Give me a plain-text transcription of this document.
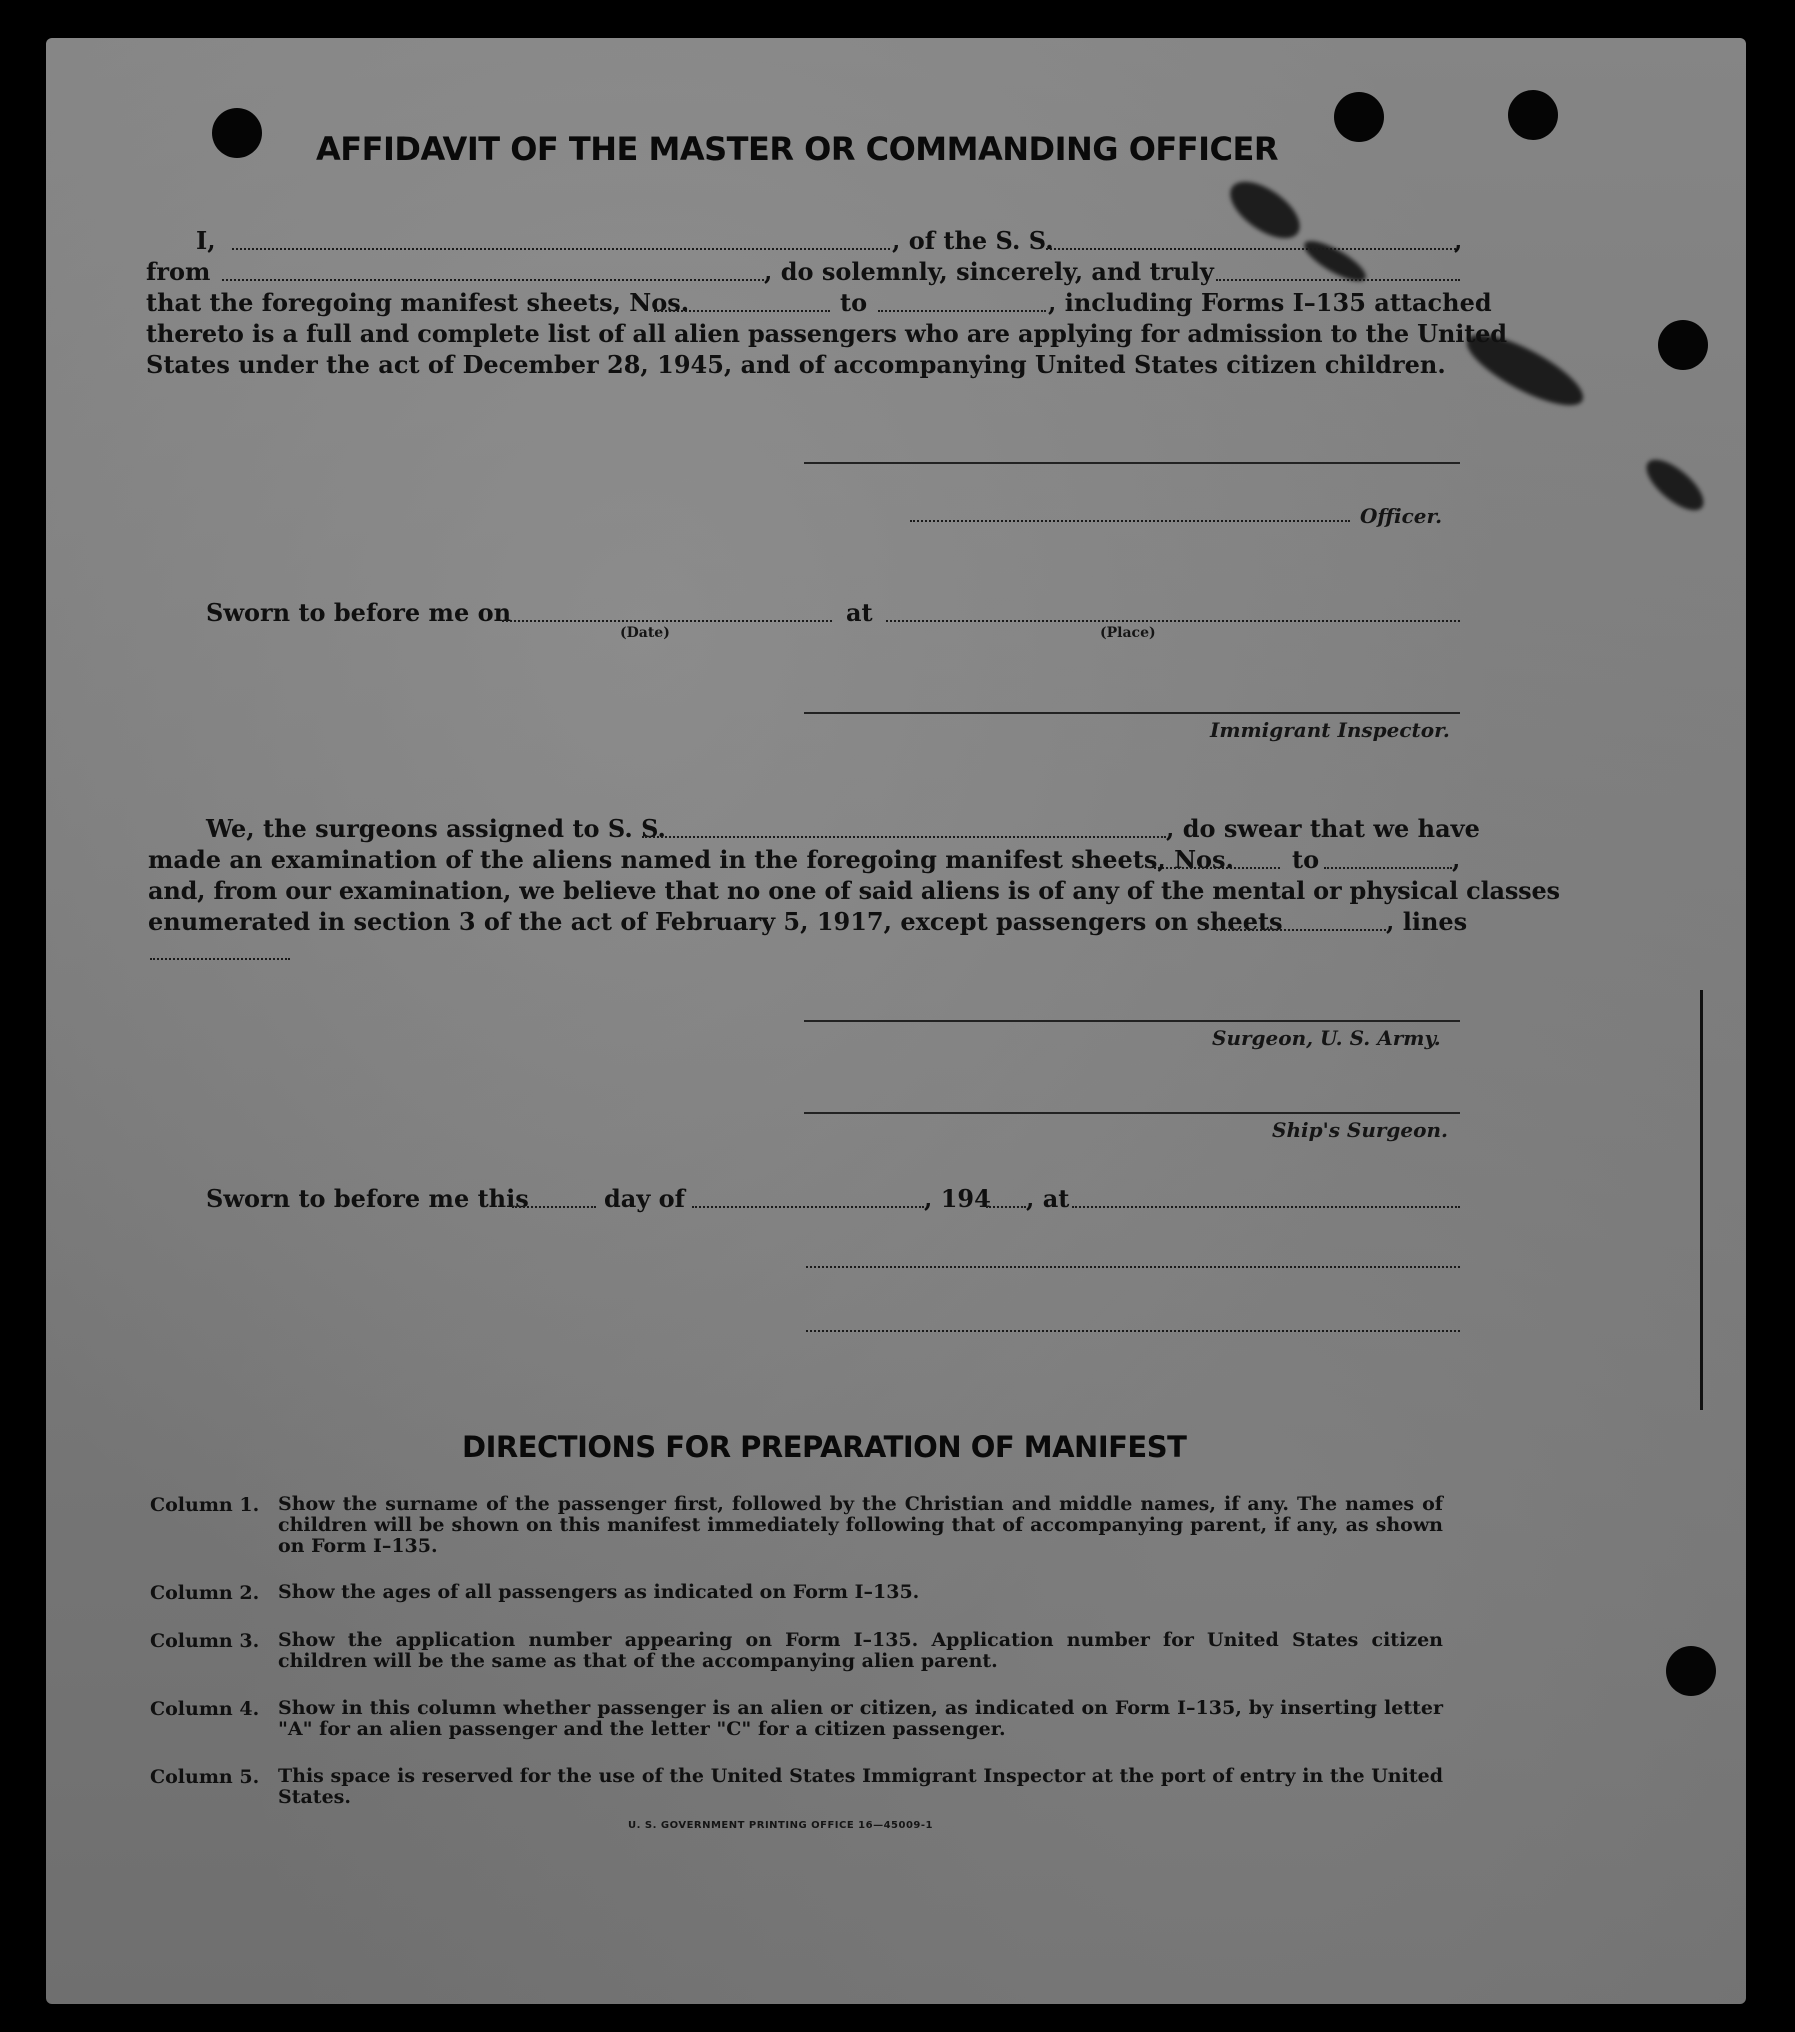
AFFIDAVIT OF THE MASTER OR COMMANDING OFFICER
I,	, of the S. S.	,
from	, do solemnly, sincerely, and truly
that the foregoing manifest sheets, Nos.	to	, including Forms I–135 attached
thereto is a full and complete list of all alien passengers who are applying for admission to the United
States under the act of December 28, 1945, and of accompanying United States citizen children.
Officer.
Sworn to before me on	at
(Date)	(Place)
Immigrant Inspector.
We, the surgeons assigned to S. S.	, do swear that we have
made an examination of the aliens named in the foregoing manifest sheets, Nos. to	,
and, from our examination, we believe that no one of said aliens is of any of the mental or physical classes
enumerated in section 3 of the act of February 5, 1917, except passengers on sheets	, lines
Surgeon, U. S. Army.
Ship's Surgeon.
Sworn to before me this	day of	, 194 , at
DIRECTIONS FOR PREPARATION OF MANIFEST
Column 1. Show the surname of the passenger first, followed by the Christian and middle names, if any. The names of children will be shown on this manifest immediately following that of accompanying parent, if any, as shown on Form I–135.
Column 2. Show the ages of all passengers as indicated on Form I–135.
Column 3. Show the application number appearing on Form I–135. Application number for United States citizen children will be the same as that of the accompanying alien parent.
Column 4. Show in this column whether passenger is an alien or citizen, as indicated on Form I–135, by inserting letter "A" for an alien passenger and the letter "C" for a citizen passenger.
Column 5. This space is reserved for the use of the United States Immigrant Inspector at the port of entry in the United States.
U. S. GOVERNMENT PRINTING OFFICE 16—45009-1
